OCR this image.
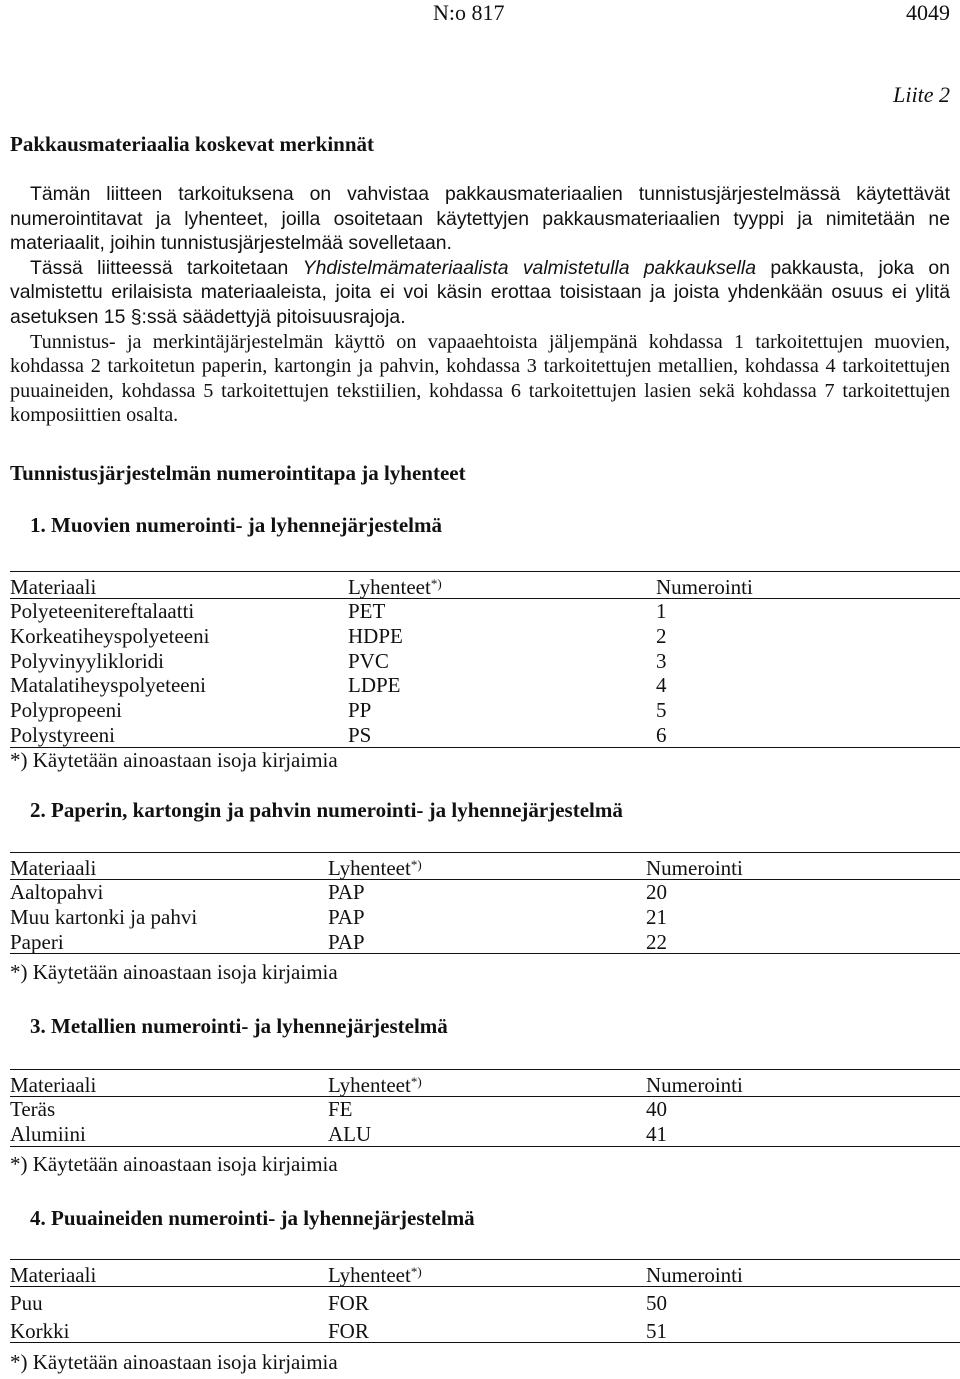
N:o 817	4049
Liite 2
Pakkausmateriaalia koskevat merkinnät

Tämän liitteen tarkoituksena on vahvistaa pakkausmateriaalien tunnistusjärjestelmässä käytettävät numerointitavat ja lyhenteet, joilla osoitetaan käytettyjen pakkausmateriaalien tyyppi ja nimitetään ne materiaalit, joihin tunnistusjärjestelmää sovelletaan.

Tässä liitteessä tarkoitetaan Yhdistelmämateriaalista valmistetulla pakkauksella pakkausta, joka on valmistettu erilaisista materiaaleista, joita ei voi käsin erottaa toisistaan ja joista yhdenkään osuus ei ylitä asetuksen 15 §:ssä säädettyjä pitoisuusrajoja.

Tunnistus- ja merkintäjärjestelmän käyttö on vapaaehtoista jäljempänä kohdassa 1 tarkoitettujen muovien, kohdassa 2 tarkoitetun paperin, kartongin ja pahvin, kohdassa 3 tarkoitettujen metallien, kohdassa 4 tarkoitettujen puuaineiden, kohdassa 5 tarkoitettujen tekstiilien, kohdassa 6 tarkoitettujen lasien sekä kohdassa 7 tarkoitettujen komposiittien osalta.

Tunnistusjärjestelmän numerointitapa ja lyhenteet
1. Muovien numerointi- ja lyhennejärjestelmä
Materiaali	Lyhenteet*)	Numerointi
Polyeteenitereftalaatti	PET	1
Korkeatiheyspolyeteeni	HDPE	2
Polyvinyylikloridi	PVC	3
Matalatiheyspolyeteeni	LDPE	4
Polypropeeni	PP	5
Polystyreeni	PS	6
*) Käytetään ainoastaan isoja kirjaimia
2. Paperin, kartongin ja pahvin numerointi- ja lyhennejärjestelmä
Materiaali	Lyhenteet*)	Numerointi
Aaltopahvi	PAP	20
Muu kartonki ja pahvi	PAP	21
Paperi	PAP	22
*) Käytetään ainoastaan isoja kirjaimia
3. Metallien numerointi- ja lyhennejärjestelmä
Materiaali	Lyhenteet*)	Numerointi
Teräs	FE	40
Alumiini	ALU	41
*) Käytetään ainoastaan isoja kirjaimia
4. Puuaineiden numerointi- ja lyhennejärjestelmä
Materiaali	Lyhenteet*)	Numerointi
Puu	FOR	50
Korkki	FOR	51
*) Käytetään ainoastaan isoja kirjaimia
